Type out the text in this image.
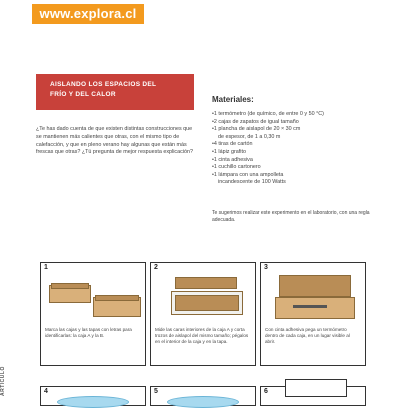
www.explora.cl
AISLANDO LOS ESPACIOS DEL
FRÍO Y DEL CALOR
¿Te has dado cuenta de que existen distintas construcciones que se mantienen más calientes que otras, con el mismo tipo de calefacción, y que en pleno verano hay algunas que están más frescas que otras? ¿Tú pregunta de mejor respuesta explicación?
Materiales:
• 1 termómetro (de químico, de entre 0 y 50 °C)
• 2 cajas de zapatos de igual tamaño
• 1 plancha de aislapol de 20 × 30 cm
de espesor, de 1 a 0,30 m
• 4 tiras de cartón
• 1 lápiz grafito
• 1 cinta adhesiva
• 1 cuchillo cartonero
• 1 lámpara con una ampolleta
incandescente de 100 Watts
Te sugerimos realizar este experimento en el laboratorio, con una regla adecuada.
1
Marca las cajas y las tapas con letras para identificarlas: la caja A y la B.
2
Mide las caras interiores de la caja A y corta trozos de aislapol del mismo tamaño; pégalos en el interior de la caja y en la tapa.
3
Con cinta adhesiva pega un termómetro dentro de cada caja, en un lugar visible al abrir.
4	5	6
ARTÍCULO
